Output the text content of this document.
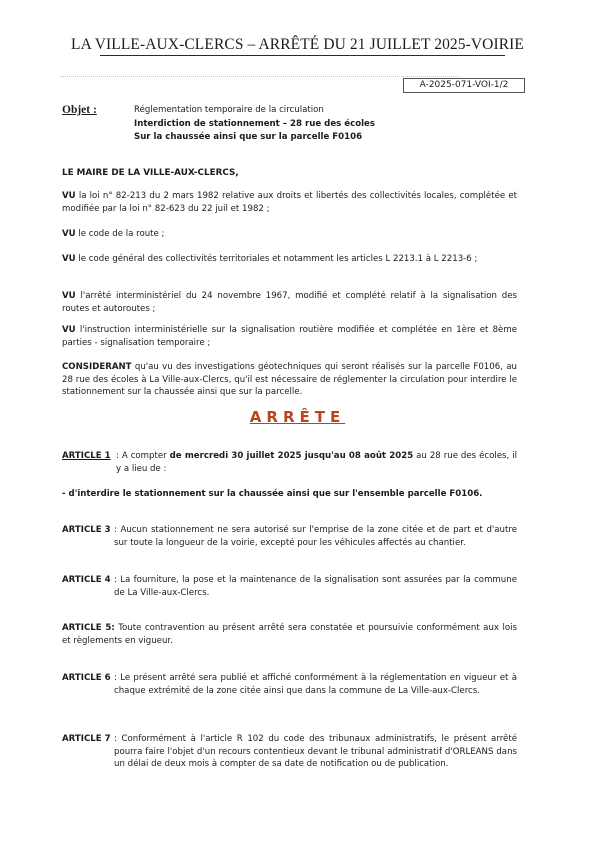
LA VILLE-AUX-CLERCS – ARRÊTÉ DU 21 JUILLET 2025-VOIRIE
A-2025-071-VOI-1/2
Objet :	Réglementation temporaire de la circulation
Interdiction de stationnement – 28 rue des écoles
Sur la chaussée ainsi que sur la parcelle F0106
LE MAIRE DE LA VILLE-AUX-CLERCS,
VU la loi n° 82-213 du 2 mars 1982 relative aux droits et libertés des collectivités locales, complétée et modifiée par la loi n° 82-623 du 22 juil et 1982 ;
VU le code de la route ;
VU le code général des collectivités territoriales et notamment les articles L 2213.1 à L 2213-6 ;
VU l'arrêté interministériel du 24 novembre 1967, modifié et complété relatif à la signalisation des routes et autoroutes ;
VU l'instruction interministérielle sur la signalisation routière modifiée et complétée en 1ère et 8ème parties - signalisation temporaire ;
CONSIDERANT qu'au vu des investigations géotechniques qui seront réalisés sur la parcelle F0106, au 28 rue des écoles à La Ville-aux-Clercs, qu'il est nécessaire de réglementer la circulation pour interdire le stationnement sur la chaussée ainsi que sur la parcelle.
ARRÊTE
ARTICLE 1 : A compter de mercredi 30 juillet 2025 jusqu'au 08 août 2025 au 28 rue des écoles, il y a lieu de :
- d'interdire le stationnement sur la chaussée ainsi que sur l'ensemble parcelle F0106.
ARTICLE 3 : Aucun stationnement ne sera autorisé sur l'emprise de la zone citée et de part et d'autre sur toute la longueur de la voirie, excepté pour les véhicules affectés au chantier.
ARTICLE 4 : La fourniture, la pose et la maintenance de la signalisation sont assurées par la commune de La Ville-aux-Clercs.
ARTICLE 5: Toute contravention au présent arrêté sera constatée et poursuivie conformément aux lois et règlements en vigueur.
ARTICLE 6 : Le présent arrêté sera publié et affiché conformément à la réglementation en vigueur et à chaque extrémité de la zone citée ainsi que dans la commune de La Ville-aux-Clercs.
ARTICLE 7 : Conformément à l'article R 102 du code des tribunaux administratifs, le présent arrêté pourra faire l'objet d'un recours contentieux devant le tribunal administratif d'ORLEANS dans un délai de deux mois à compter de sa date de notification ou de publication.
